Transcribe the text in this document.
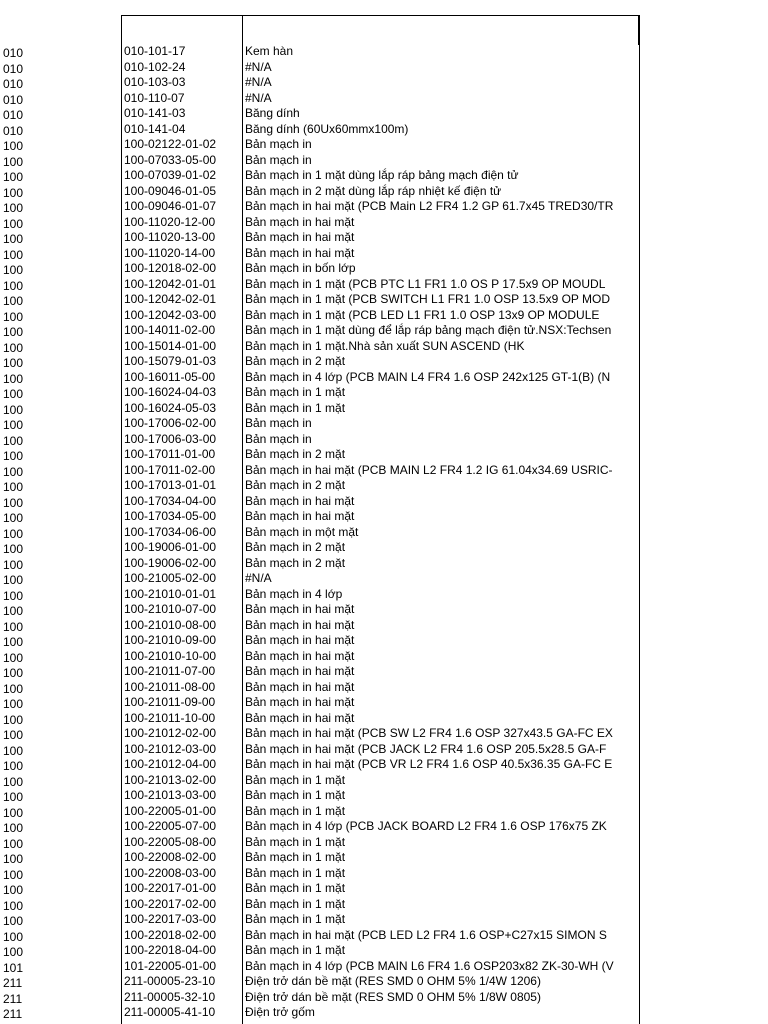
010	010-101-17	Kem hàn
010	010-102-24	#N/A
010	010-103-03	#N/A
010	010-110-07	#N/A
010	010-141-03	Băng dính
010	010-141-04	Băng dính (60Ux60mmx100m)
100	100-02122-01-02	Bản mạch in
100	100-07033-05-00	Bản mạch in
100	100-07039-01-02	Bản mạch in 1 mặt dùng lắp ráp bảng mạch điện tử
100	100-09046-01-05	Bản mạch in 2 mặt dùng lắp ráp nhiệt kế điện tử
100	100-09046-01-07	Bản mạch in hai mặt (PCB Main L2 FR4 1.2 GP 61.7x45 TRED30/TR
100	100-11020-12-00	Bản mạch in hai mặt
100	100-11020-13-00	Bản mạch in hai mặt
100	100-11020-14-00	Bản mạch in hai mặt
100	100-12018-02-00	Bản mạch in bốn lớp
100	100-12042-01-01	Bản mạch in 1 mặt (PCB PTC L1 FR1 1.0 OS P 17.5x9 OP MOUDL
100	100-12042-02-01	Bản mạch in 1 mặt (PCB SWITCH L1 FR1 1.0 OSP 13.5x9 OP MOD
100	100-12042-03-00	Bản mạch in 1 mặt (PCB LED L1 FR1 1.0 OSP 13x9 OP MODULE
100	100-14011-02-00	Bản mạch in 1 mặt dùng để lắp ráp bảng mạch điện tử.NSX:Techsen
100	100-15014-01-00	Bản mạch in 1 mặt.Nhà sản xuất SUN ASCEND (HK
100	100-15079-01-03	Bản mạch in 2 mặt
100	100-16011-05-00	Bản mạch in 4 lớp (PCB MAIN L4 FR4 1.6 OSP 242x125 GT-1(B) (N
100	100-16024-04-03	Bản mạch in 1 mặt
100	100-16024-05-03	Bản mạch in 1 mặt
100	100-17006-02-00	Bản mạch in
100	100-17006-03-00	Bản mạch in
100	100-17011-01-00	Bản mạch in 2 mặt
100	100-17011-02-00	Bản mạch in hai mặt (PCB MAIN L2 FR4 1.2 IG 61.04x34.69 USRIC-
100	100-17013-01-01	Bản mạch in 2 mặt
100	100-17034-04-00	Bản mạch in hai mặt
100	100-17034-05-00	Bản mạch in hai mặt
100	100-17034-06-00	Bản mạch in một mặt
100	100-19006-01-00	Bản mạch in 2 mặt
100	100-19006-02-00	Bản mạch in 2 mặt
100	100-21005-02-00	#N/A
100	100-21010-01-01	Bản mạch in 4 lớp
100	100-21010-07-00	Bản mạch in hai mặt
100	100-21010-08-00	Bản mạch in hai mặt
100	100-21010-09-00	Bản mạch in hai mặt
100	100-21010-10-00	Bản mạch in hai mặt
100	100-21011-07-00	Bản mạch in hai mặt
100	100-21011-08-00	Bản mạch in hai mặt
100	100-21011-09-00	Bản mạch in hai mặt
100	100-21011-10-00	Bản mạch in hai mặt
100	100-21012-02-00	Bản mạch in hai mặt (PCB SW L2 FR4 1.6 OSP 327x43.5 GA-FC EX
100	100-21012-03-00	Bản mạch in hai mặt (PCB JACK L2 FR4 1.6 OSP 205.5x28.5 GA-F
100	100-21012-04-00	Bản mạch in hai mặt (PCB VR L2 FR4 1.6 OSP 40.5x36.35 GA-FC E
100	100-21013-02-00	Bản mạch in 1 mặt
100	100-21013-03-00	Bản mạch in 1 mặt
100	100-22005-01-00	Bản mạch in 1 mặt
100	100-22005-07-00	Bản mạch in 4 lớp (PCB JACK BOARD L2 FR4 1.6 OSP 176x75 ZK
100	100-22005-08-00	Bản mạch in 1 mặt
100	100-22008-02-00	Bản mạch in 1 mặt
100	100-22008-03-00	Bản mạch in 1 mặt
100	100-22017-01-00	Bản mạch in 1 mặt
100	100-22017-02-00	Bản mạch in 1 mặt
100	100-22017-03-00	Bản mạch in 1 mặt
100	100-22018-02-00	Bản mạch in hai mặt (PCB LED L2 FR4 1.6 OSP+C27x15 SIMON S
100	100-22018-04-00	Bản mạch in 1 mặt
101	101-22005-01-00	Bản mạch in 4 lớp (PCB MAIN L6 FR4 1.6 OSP203x82 ZK-30-WH (V
211	211-00005-23-10	Điện trở dán bề mặt (RES SMD 0 OHM 5% 1/4W 1206)
211	211-00005-32-10	Điện trở dán bề mặt (RES SMD 0 OHM 5% 1/8W 0805)
211	211-00005-41-10	Điện trở gốm
